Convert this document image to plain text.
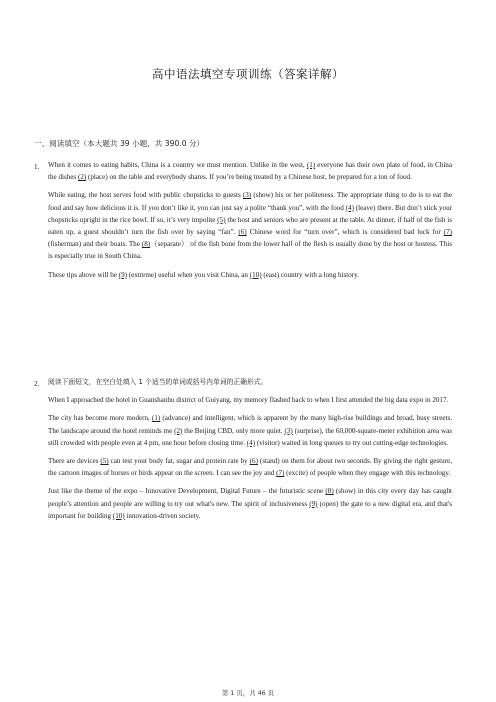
高中语法填空专项训练（答案详解）
一、阅读填空（本大题共 39 小题，共 390.0 分）
1. When it comes to eating habits, China is a country we must mention. Unlike in the west, (1) everyone has their own plate of food, in China the dishes (2) (place) on the table and everybody shares. If you’re being treated by a Chinese host, be prepared for a ton of food.

While eating, the host serves food with public chopsticks to guests (3) (show) his or her politeness. The appropriate thing to do is to eat the food and say how delicious it is. If you don’t like it, you can just say a polite “thank you”, with the food (4) (leave) there. But don’t stick your chopsticks upright in the rice bowl. If so, it’s very impolite (5) the host and seniors who are present at the table. At dinner, if half of the fish is eaten up, a guest shouldn’t turn the fish over by saying “fan”. (6) Chinese word for “turn over”, which is considered bad luck for (7) (fisherman) and their boats. The (8)（separate） of the fish bone from the lower half of the flesh is usually done by the host or hostess. This is especially true in South China.

These tips above will be (9) (extreme) useful when you visit China, an (10) (east) country with a long history.

2. 阅读下面短文，在空白处填入 1 个适当的单词或括号内单词的正确形式。

When I approached the hotel in Guanshanhu district of Guiyang, my memory flashed back to when I first attended the big data expo in 2017.

The city has become more modern, (1) (advance) and intelligent, which is apparent by the many high-rise buildings and broad, busy streets. The landscape around the hotel reminds me (2) the Beijing CBD, only more quiet. (3) (surprise), the 60,000-square-meter exhibition area was still crowded with people even at 4 pm, one hour before closing time. (4) (visitor) waited in long queues to try out cutting-edge technologies.

There are devices (5) can test your body fat, sugar and protein rate by (6) (stand) on them for about two seconds. By giving the right gesture, the cartoon images of horses or birds appear on the screen. I can see the joy and (7) (excite) of people when they engage with this technology.

Just like the theme of the expo – Innovative Development, Digital Future – the futuristic scene (8) (show) in this city every day has caught people’s attention and people are willing to try out what's new. The spirit of inclusiveness (9) (open) the gate to a new digital era, and that's important for building (10) innovation-driven society.

第 1 页，共 46 页
